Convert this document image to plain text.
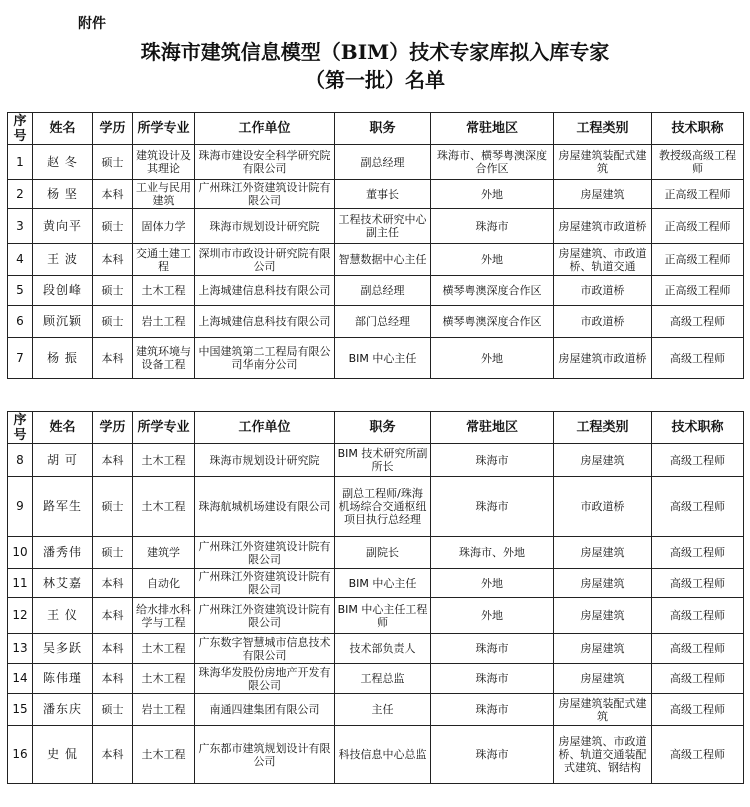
附件
珠海市建筑信息模型（BIM）技术专家库拟入库专家
（第一批）名单
序号	姓名	学历	所学专业	工作单位	职务	常驻地区	工程类别	技术职称
1	赵 冬	硕士	建筑设计及其理论	珠海市建设安全科学研究院有限公司	副总经理	珠海市、横琴粤澳深度合作区	房屋建筑装配式建筑	教授级高级工程师
2	杨 坚	本科	工业与民用建筑	广州珠江外资建筑设计院有限公司	董事长	外地	房屋建筑	正高级工程师
3	黄向平	硕士	固体力学	珠海市规划设计研究院	工程技术研究中心副主任	珠海市	房屋建筑市政道桥	正高级工程师
4	王 波	本科	交通土建工程	深圳市市政设计研究院有限公司	智慧数据中心主任	外地	房屋建筑、市政道桥、轨道交通	正高级工程师
5	段创峰	硕士	土木工程	上海城建信息科技有限公司	副总经理	横琴粤澳深度合作区	市政道桥	正高级工程师
6	顾沉颖	硕士	岩土工程	上海城建信息科技有限公司	部门总经理	横琴粤澳深度合作区	市政道桥	高级工程师
7	杨 振	本科	建筑环境与设备工程	中国建筑第二工程局有限公司华南分公司	BIM 中心主任	外地	房屋建筑市政道桥	高级工程师
序号	姓名	学历	所学专业	工作单位	职务	常驻地区	工程类别	技术职称
8	胡 可	本科	土木工程	珠海市规划设计研究院	BIM 技术研究所副所长	珠海市	房屋建筑	高级工程师
9	路军生	硕士	土木工程	珠海航城机场建设有限公司	副总工程师/珠海机场综合交通枢纽项目执行总经理	珠海市	市政道桥	高级工程师
10	潘秀伟	硕士	建筑学	广州珠江外资建筑设计院有限公司	副院长	珠海市、外地	房屋建筑	高级工程师
11	林艾嘉	本科	自动化	广州珠江外资建筑设计院有限公司	BIM 中心主任	外地	房屋建筑	高级工程师
12	王 仪	本科	给水排水科学与工程	广州珠江外资建筑设计院有限公司	BIM 中心主任工程师	外地	房屋建筑	高级工程师
13	吴多跃	本科	土木工程	广东数字智慧城市信息技术有限公司	技术部负责人	珠海市	房屋建筑	高级工程师
14	陈伟瑾	本科	土木工程	珠海华发股份房地产开发有限公司	工程总监	珠海市	房屋建筑	高级工程师
15	潘东庆	硕士	岩土工程	南通四建集团有限公司	主任	珠海市	房屋建筑装配式建筑	高级工程师
16	史 侃	本科	土木工程	广东都市建筑规划设计有限公司	科技信息中心总监	珠海市	房屋建筑、市政道桥、轨道交通装配式建筑、钢结构	高级工程师
